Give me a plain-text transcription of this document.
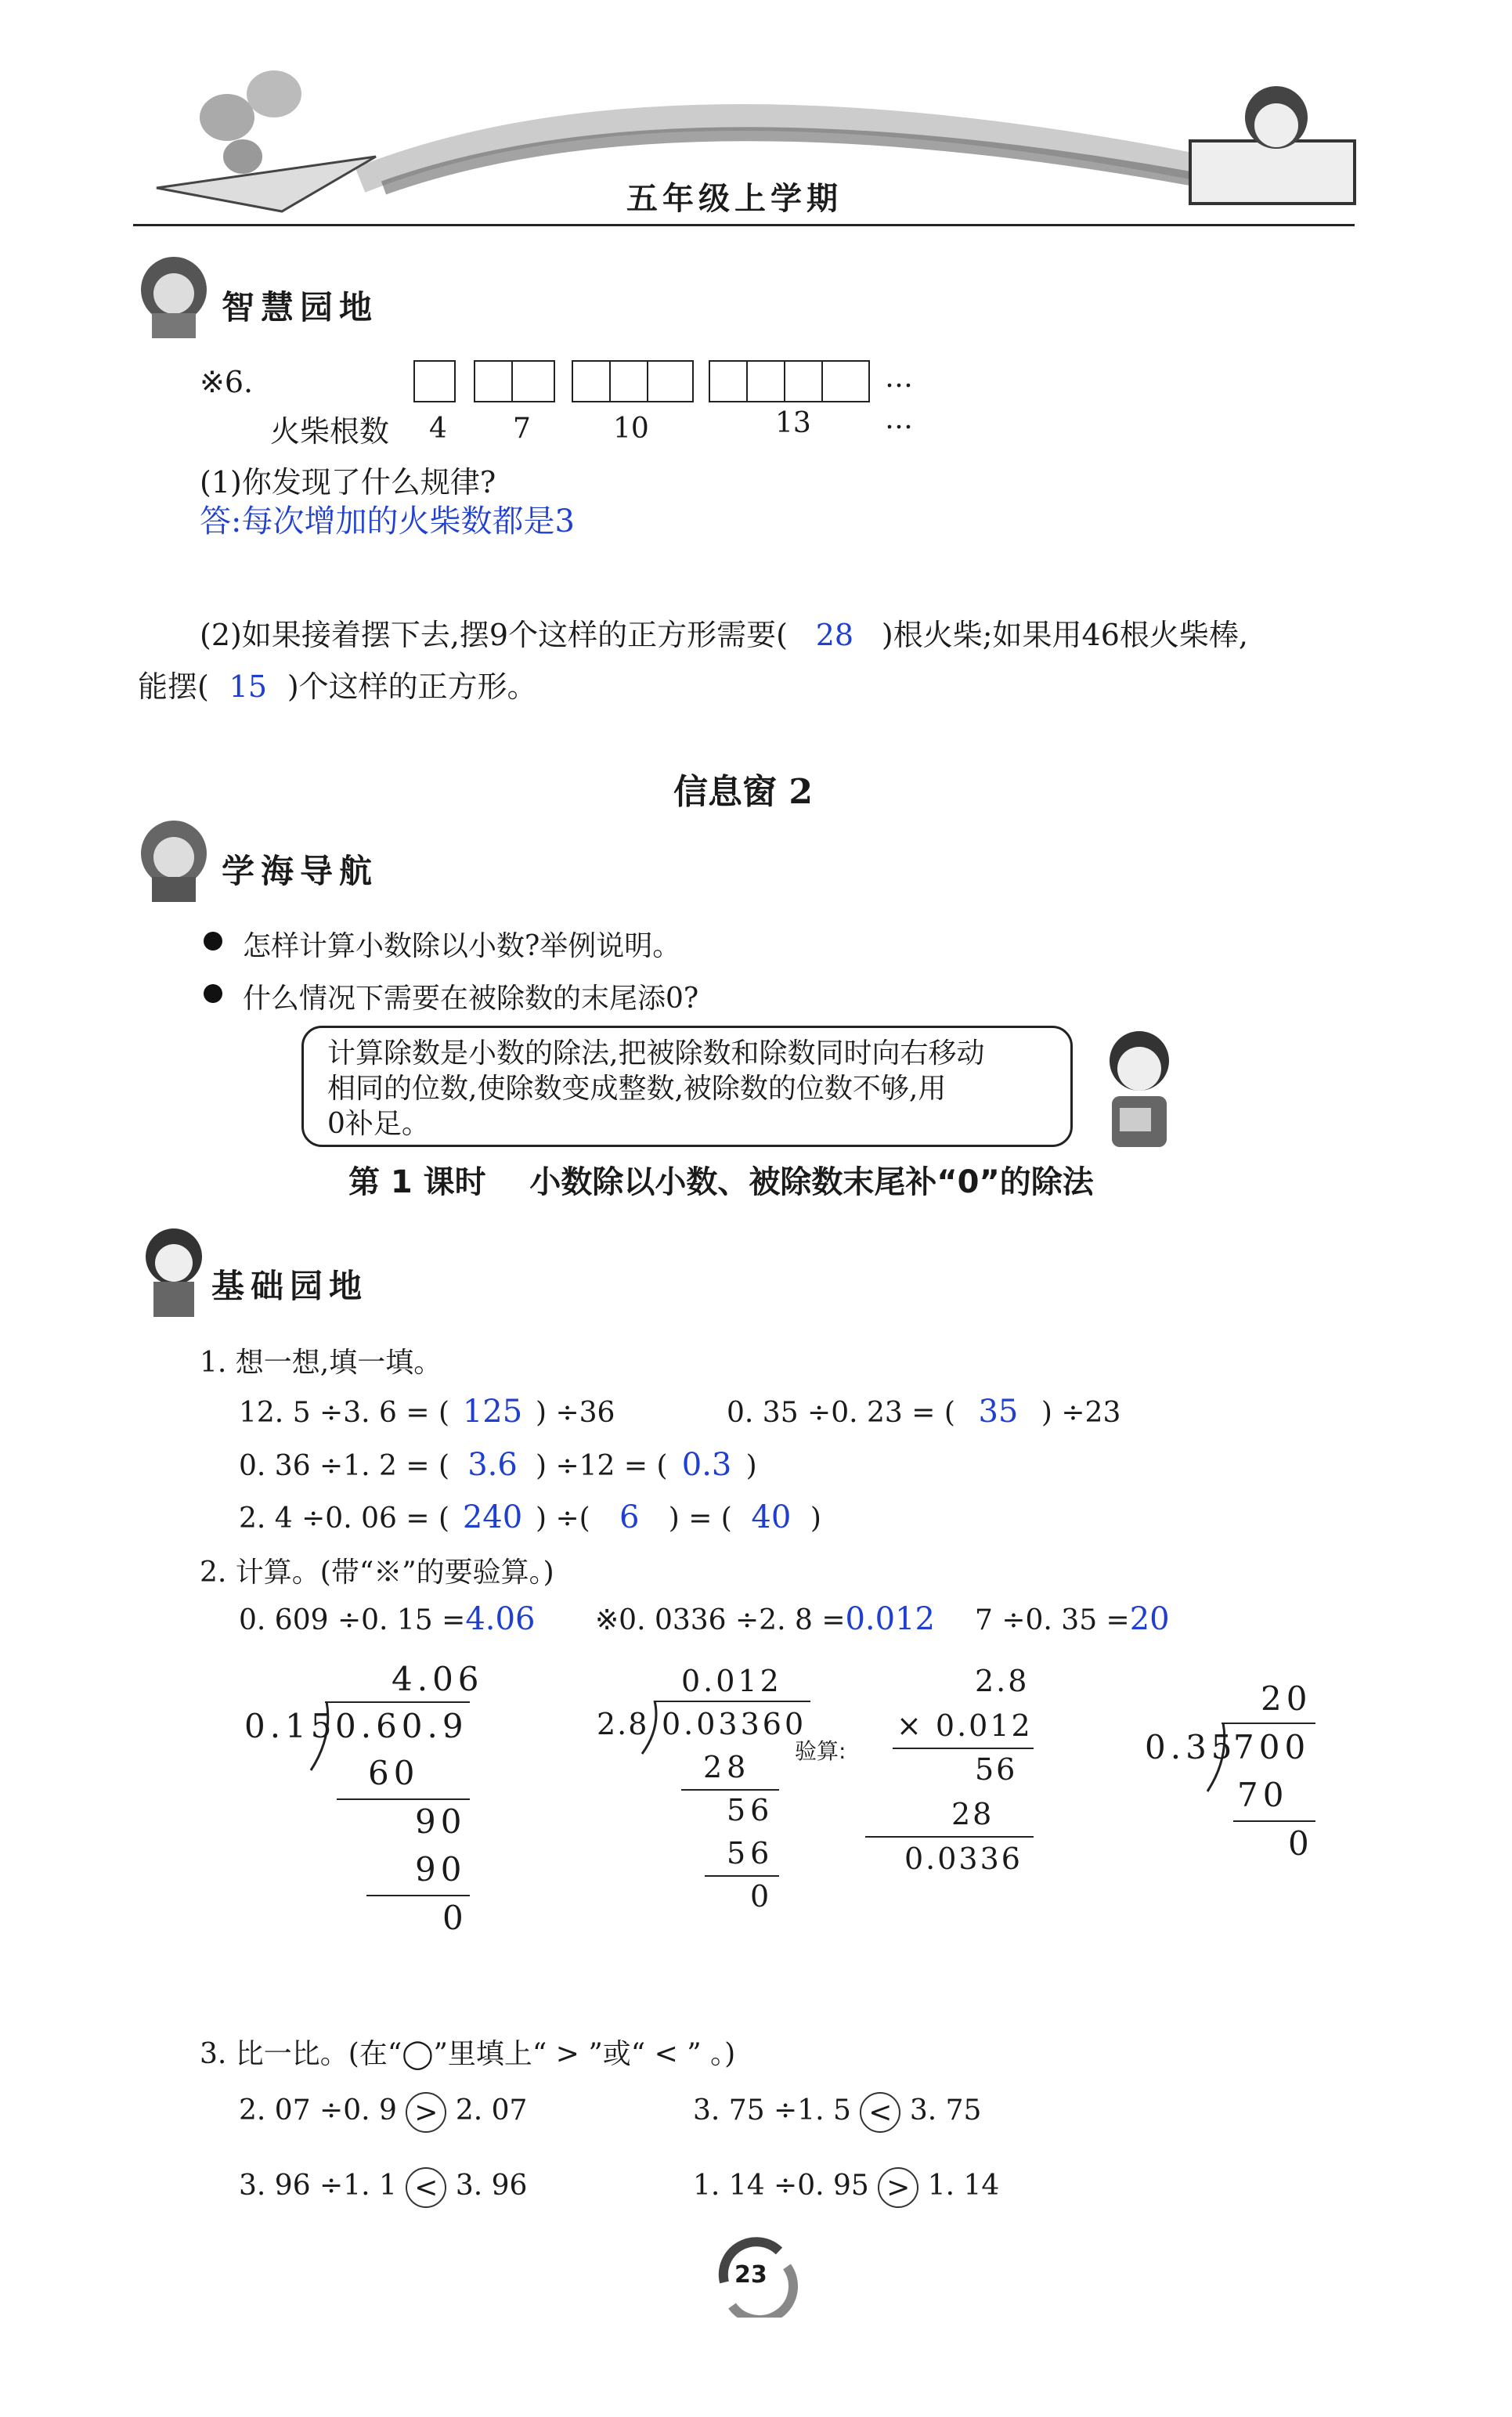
五年级上学期
智慧园地
※6.	…
火柴根数 4 7	10	13	…
(1)你发现了什么规律?
答:每次增加的火柴数都是3
(2)如果接着摆下去,摆9个这样的正方形需要( 28 )根火柴;如果用46根火柴棒,
能摆( 15 )个这样的正方形。
信息窗 2
学海导航
怎样计算小数除以小数?举例说明。
什么情况下需要在被除数的末尾添0?
计算除数是小数的除法,把被除数和除数同时向右移动
相同的位数,使除数变成整数,被除数的位数不够,用
0补足。
第 1 课时    小数除以小数、被除数末尾补“0”的除法
基础园地
1. 想一想,填一填。
12. 5 ÷3. 6 = ( 125 ) ÷36	0. 35 ÷0. 23 = ( 35 ) ÷23
0. 36 ÷1. 2 = ( 3.6 ) ÷12 = ( 0.3 )
2. 4 ÷0. 06 = ( 240 ) ÷( 6 ) = ( 40 )
2. 计算。(带“※”的要验算。)
0. 609 ÷0. 15 =4.06 ※0. 0336 ÷2. 8 =0.012 7 ÷0. 35 =20
4.06
0.15
0.60.9
60
90
90
0
0.012
2.8 0.03360
28
56
56
0
验算:
2.8
× 0.012
56
28
0.0336
20
0.35
700
70
0
3. 比一比。(在“◯”里填上“ > ”或“ < ” 。)
2. 07 ÷0. 9 > 2. 07	3. 75 ÷1. 5 < 3. 75
3. 96 ÷1. 1 < 3. 96	1. 14 ÷0. 95 > 1. 14
23
